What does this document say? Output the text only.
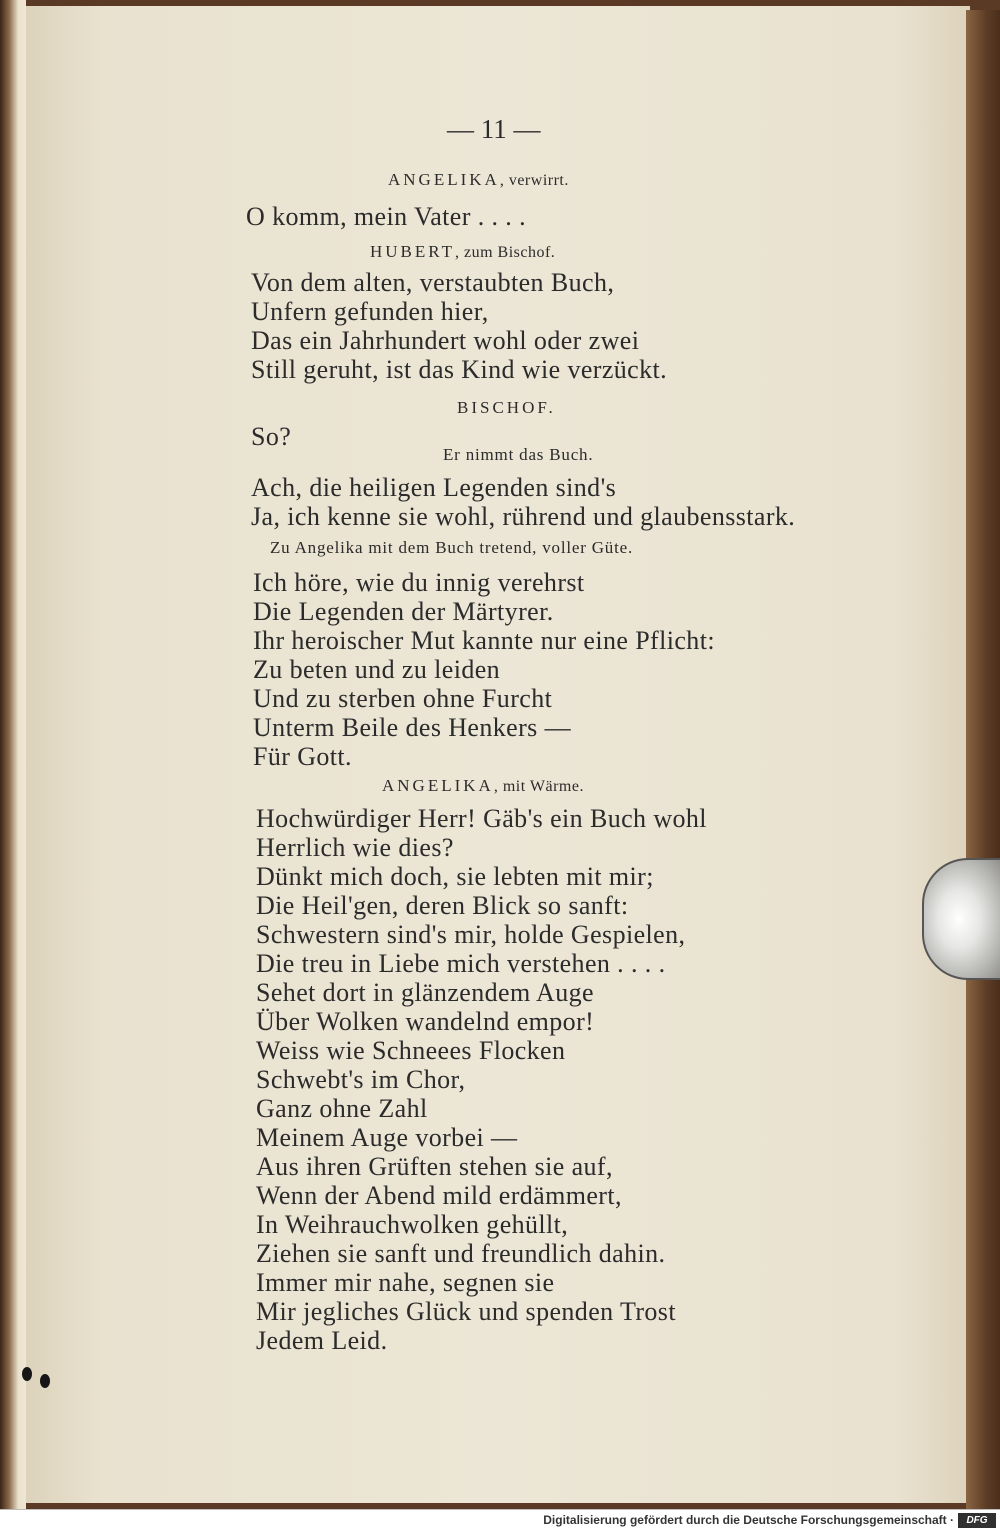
— 11 —
ANGELIKA, verwirrt.
O komm, mein Vater . . . .
HUBERT, zum Bischof.
Von dem alten, verstaubten Buch,
Unfern gefunden hier,
Das ein Jahrhundert wohl oder zwei
Still geruht, ist das Kind wie verzückt.
BISCHOF.
So?
Er nimmt das Buch.
Ach, die heiligen Legenden sind's
Ja, ich kenne sie wohl, rührend und glaubensstark.
Zu Angelika mit dem Buch tretend, voller Güte.
Ich höre, wie du innig verehrst
Die Legenden der Märtyrer.
Ihr heroischer Mut kannte nur eine Pflicht:
Zu beten und zu leiden
Und zu sterben ohne Furcht
Unterm Beile des Henkers —
Für Gott.
ANGELIKA, mit Wärme.
Hochwürdiger Herr! Gäb's ein Buch wohl
Herrlich wie dies?
Dünkt mich doch, sie lebten mit mir;
Die Heil'gen, deren Blick so sanft:
Schwestern sind's mir, holde Gespielen,
Die treu in Liebe mich verstehen . . . .
Sehet dort in glänzendem Auge
Über Wolken wandelnd empor!
Weiss wie Schneees Flocken
Schwebt's im Chor,
Ganz ohne Zahl
Meinem Auge vorbei —
Aus ihren Grüften stehen sie auf,
Wenn der Abend mild erdämmert,
In Weihrauchwolken gehüllt,
Ziehen sie sanft und freundlich dahin.
Immer mir nahe, segnen sie
Mir jegliches Glück und spenden Trost
Jedem Leid.
Digitalisierung gefördert durch die Deutsche Forschungsgemeinschaft ·	DFG
